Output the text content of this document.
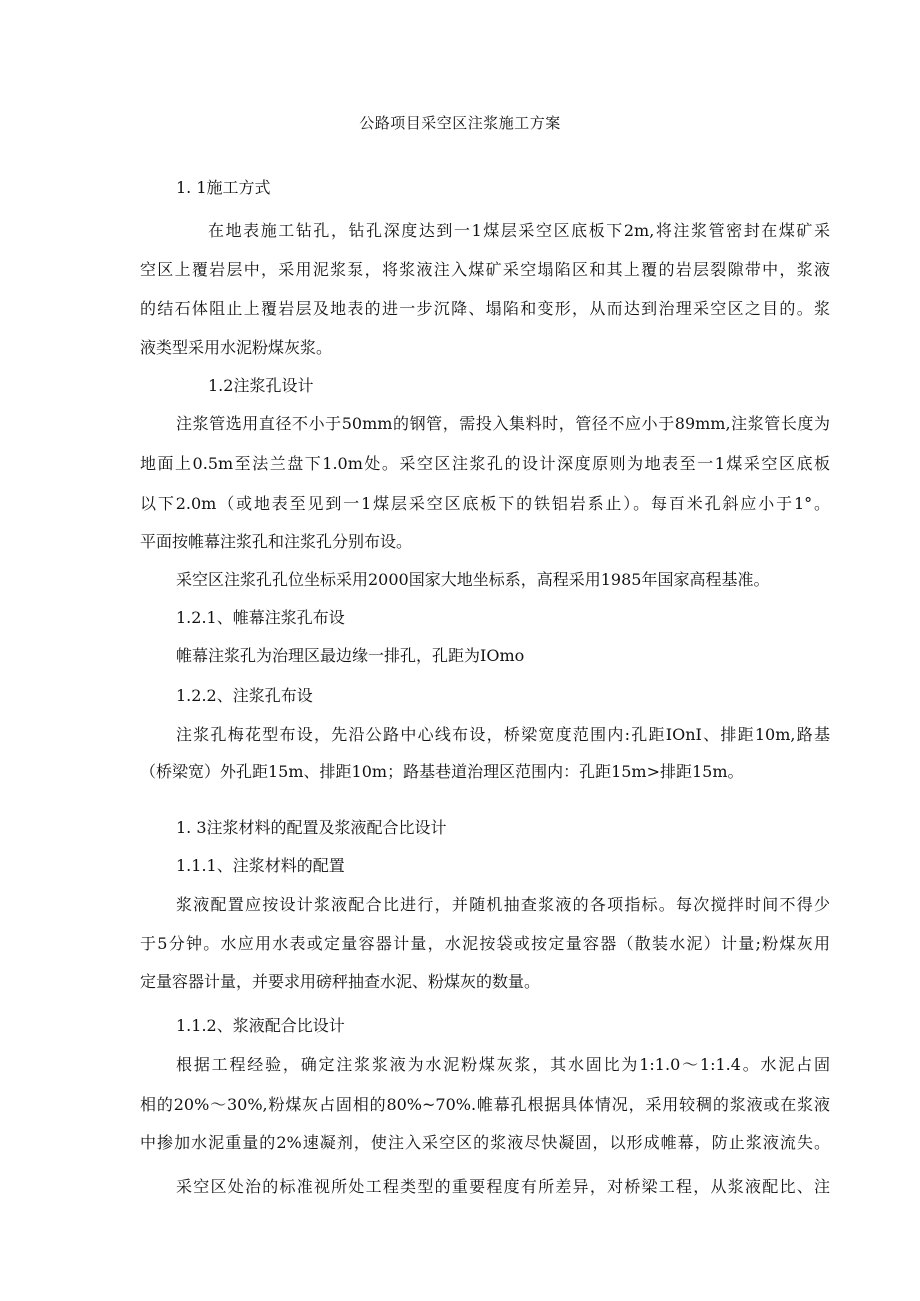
公路项目采空区注浆施工方案
1. 1施工方式
在地表施工钻孔，钻孔深度达到一1煤层采空区底板下2m,将注浆管密封在煤矿采
空区上覆岩层中，采用泥浆泵，将浆液注入煤矿采空塌陷区和其上覆的岩层裂隙带中，浆液
的结石体阻止上覆岩层及地表的进一步沉降、塌陷和变形，从而达到治理采空区之目的。浆
液类型采用水泥粉煤灰浆。
1.2注浆孔设计
注浆管选用直径不小于50mm的钢管，需投入集料时，管径不应小于89mm,注浆管长度为
地面上0.5m至法兰盘下1.0m处。采空区注浆孔的设计深度原则为地表至一1煤采空区底板
以下2.0m（或地表至见到一1煤层采空区底板下的铁铝岩系止）。每百米孔斜应小于1°。
平面按帷幕注浆孔和注浆孔分别布设。
采空区注浆孔孔位坐标采用2000国家大地坐标系，高程采用1985年国家高程基准。
1.2.1、帷幕注浆孔布设
帷幕注浆孔为治理区最边缘一排孔，孔距为IOmo
1.2.2、注浆孔布设
注浆孔梅花型布设，先沿公路中心线布设，桥梁宽度范围内:孔距IOnI、排距10m,路基
（桥梁宽）外孔距15m、排距10m；路基巷道治理区范围内：孔距15m>排距15m。
1. 3注浆材料的配置及浆液配合比设计
1.1.1、注浆材料的配置
浆液配置应按设计浆液配合比进行，并随机抽查浆液的各项指标。每次搅拌时间不得少
于5分钟。水应用水表或定量容器计量，水泥按袋或按定量容器（散装水泥）计量;粉煤灰用
定量容器计量，并要求用磅秤抽查水泥、粉煤灰的数量。
1.1.2、浆液配合比设计
根据工程经验，确定注浆浆液为水泥粉煤灰浆，其水固比为1:1.0～1:1.4。水泥占固
相的20%～30%,粉煤灰占固相的80%~70%.帷幕孔根据具体情况，采用较稠的浆液或在浆液
中掺加水泥重量的2%速凝剂，使注入采空区的浆液尽快凝固，以形成帷幕，防止浆液流失。
采空区处治的标准视所处工程类型的重要程度有所差异，对桥梁工程，从浆液配比、注
